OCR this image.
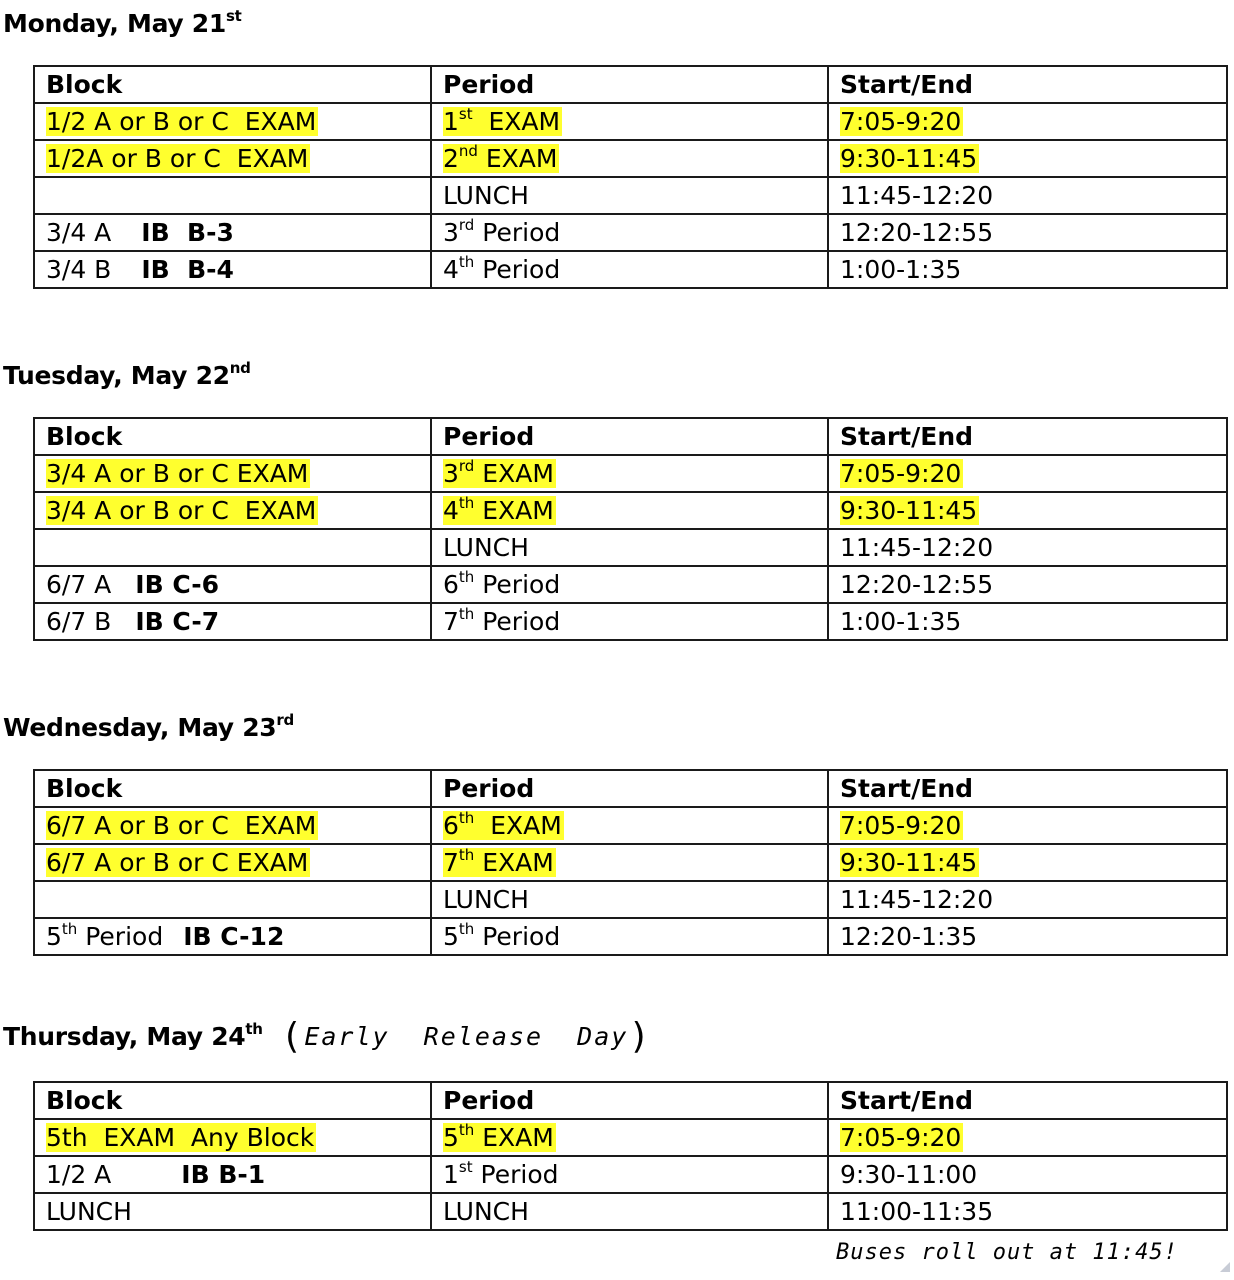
Monday, May 21st
Block	Period	Start/End
1/2 A or B or C  EXAM	1st  EXAM	7:05-9:20
1/2A or B or C  EXAM	2nd EXAM	9:30-11:45
	LUNCH	11:45-12:20
3/4 A IB  B-3	3rd Period	12:20-12:55
3/4 B IB  B-4	4th Period	1:00-1:35
Tuesday, May 22nd
Block	Period	Start/End
3/4 A or B or C EXAM	3rd EXAM	7:05-9:20
3/4 A or B or C  EXAM	4th EXAM	9:30-11:45
	LUNCH	11:45-12:20
6/7 A IB C-6	6th Period	12:20-12:55
6/7 B IB C-7	7th Period	1:00-1:35
Wednesday, May 23rd
Block	Period	Start/End
6/7 A or B or C  EXAM	6th  EXAM	7:05-9:20
6/7 A or B or C EXAM	7th EXAM	9:30-11:45
	LUNCH	11:45-12:20
5th Period IB C-12	5th Period	12:20-1:35
Thursday, May 24th (Early  Release  Day)
Block	Period	Start/End
5th  EXAM  Any Block	5th EXAM	7:05-9:20
1/2 A IB B-1	1st Period	9:30-11:00
LUNCH	LUNCH	11:00-11:35
Buses roll out at 11:45!
